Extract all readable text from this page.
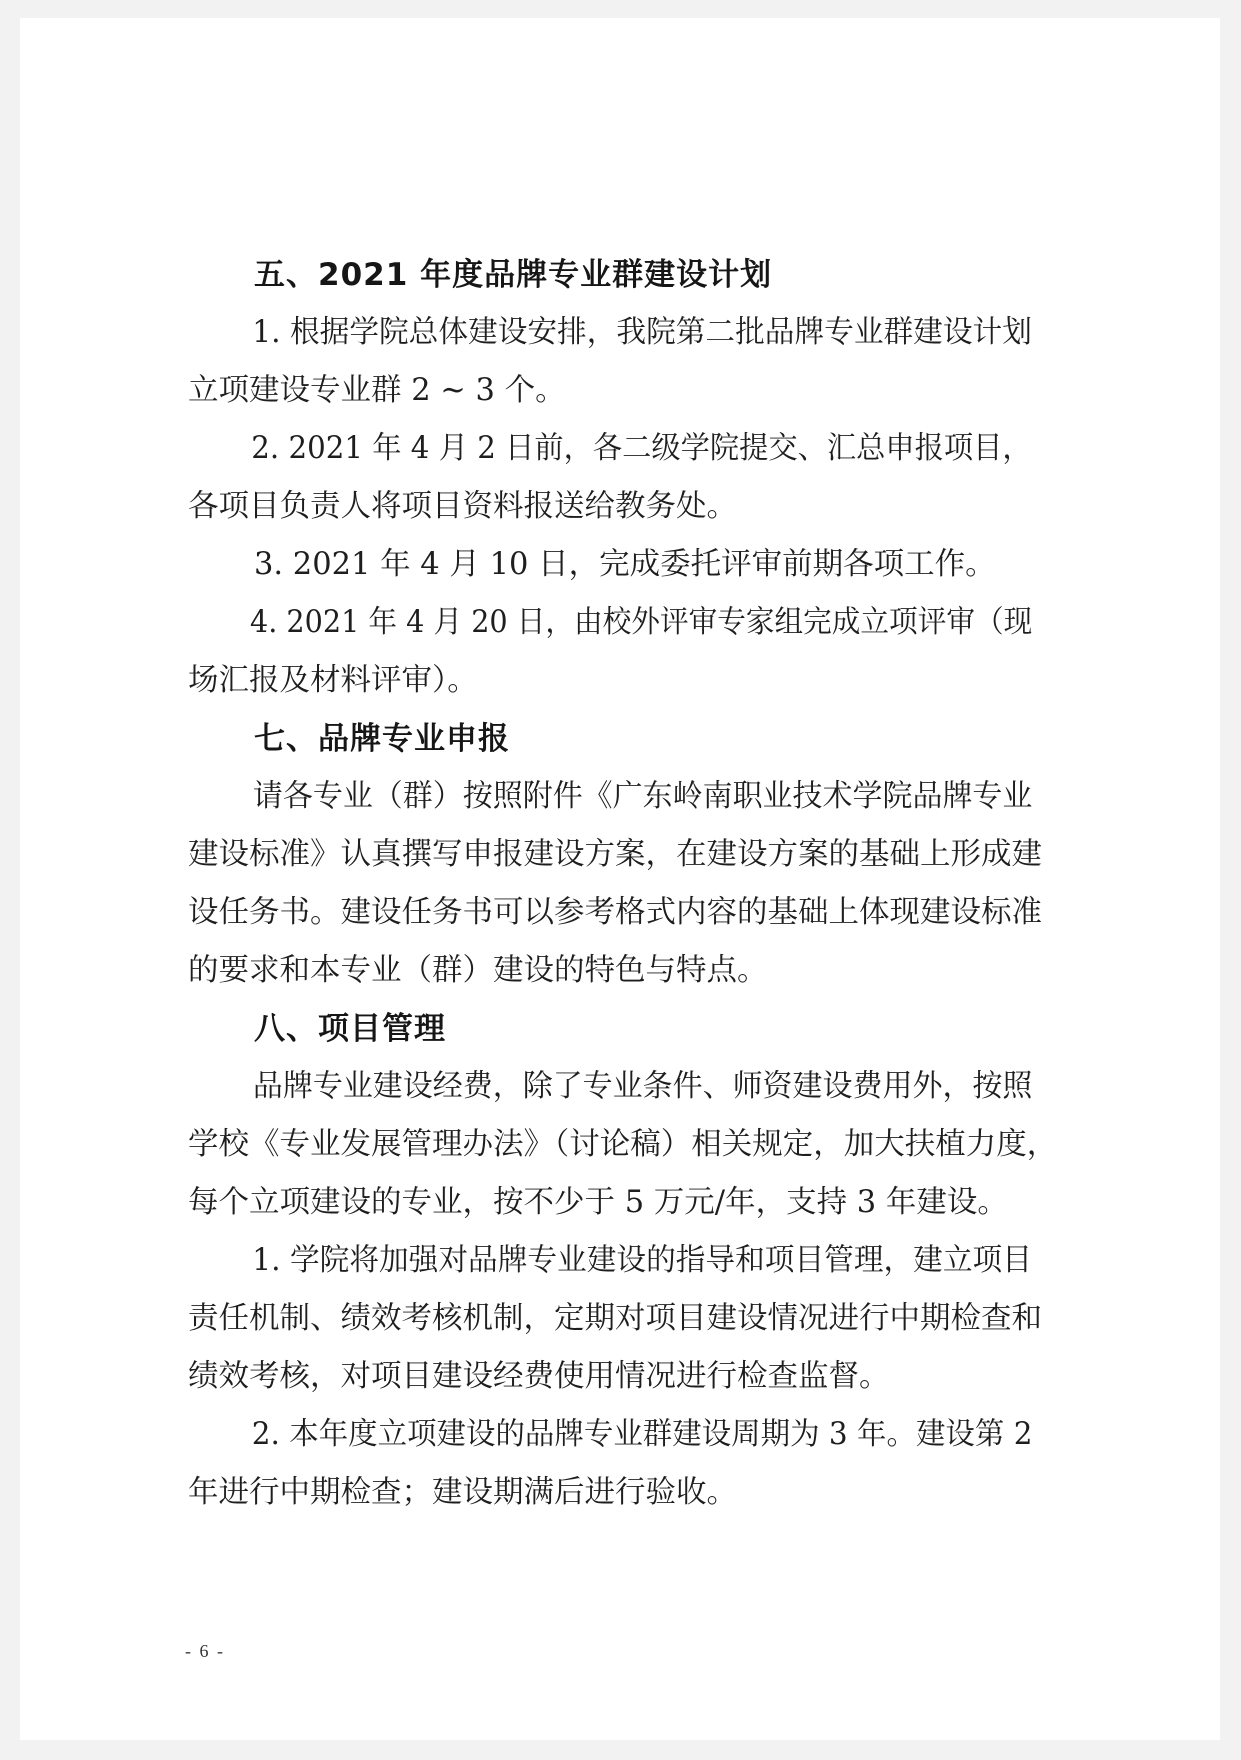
五、2021 年度品牌专业群建设计划
1. 根据学院总体建设安排，我院第二批品牌专业群建设计划
立项建设专业群 2 ~ 3 个。
2. 2021 年 4 月 2 日前，各二级学院提交、汇总申报项目，
各项目负责人将项目资料报送给教务处。
3. 2021 年 4 月 10 日，完成委托评审前期各项工作。
4. 2021 年 4 月 20 日，由校外评审专家组完成立项评审（现
场汇报及材料评审）。
七、品牌专业申报
请各专业（群）按照附件《广东岭南职业技术学院品牌专业
建设标准》认真撰写申报建设方案，在建设方案的基础上形成建
设任务书。建设任务书可以参考格式内容的基础上体现建设标准
的要求和本专业（群）建设的特色与特点。
八、项目管理
品牌专业建设经费，除了专业条件、师资建设费用外，按照
学校《专业发展管理办法》（讨论稿）相关规定，加大扶植力度，
每个立项建设的专业，按不少于 5 万元/年，支持 3 年建设。
1. 学院将加强对品牌专业建设的指导和项目管理，建立项目
责任机制、绩效考核机制，定期对项目建设情况进行中期检查和
绩效考核，对项目建设经费使用情况进行检查监督。
2. 本年度立项建设的品牌专业群建设周期为 3 年。建设第 2
年进行中期检查；建设期满后进行验收。
- 6 -
